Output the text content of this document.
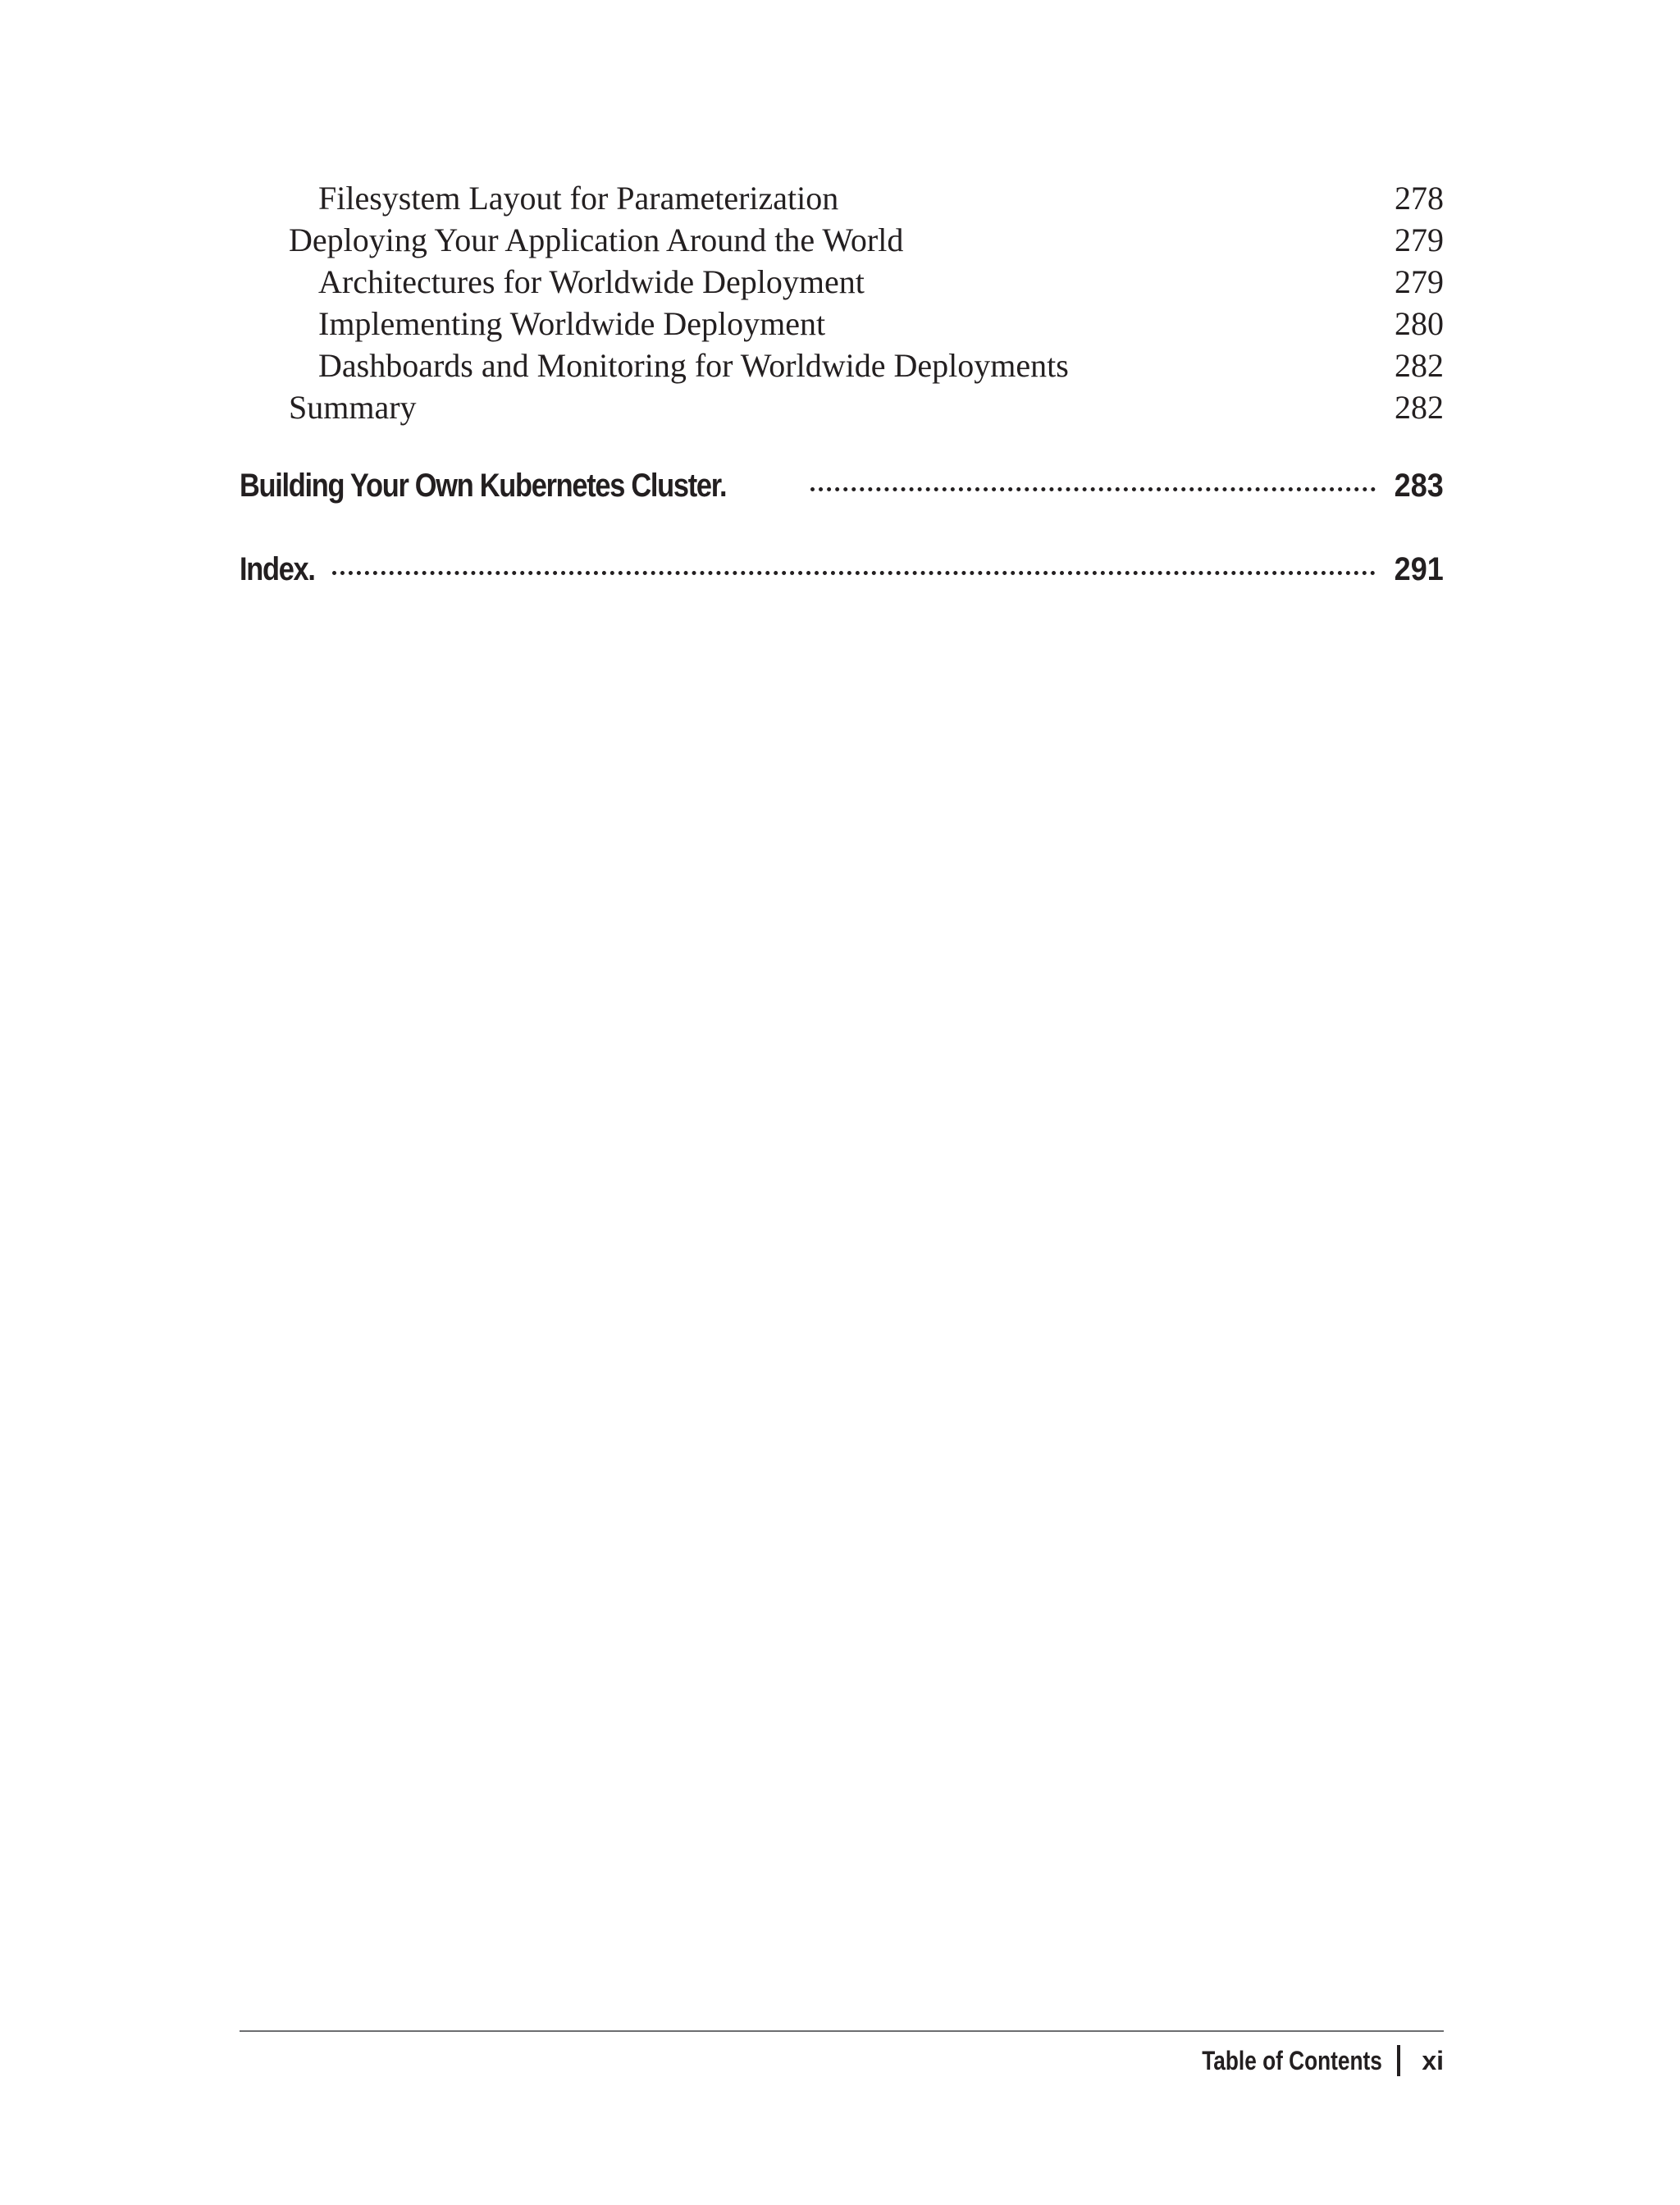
Filesystem Layout for Parameterization	278
Deploying Your Application Around the World	279
Architectures for Worldwide Deployment	279
Implementing Worldwide Deployment	280
Dashboards and Monitoring for Worldwide Deployments	282
Summary	282
Building Your Own Kubernetes Cluster.	283
Index.	291
Table of Contents xi
